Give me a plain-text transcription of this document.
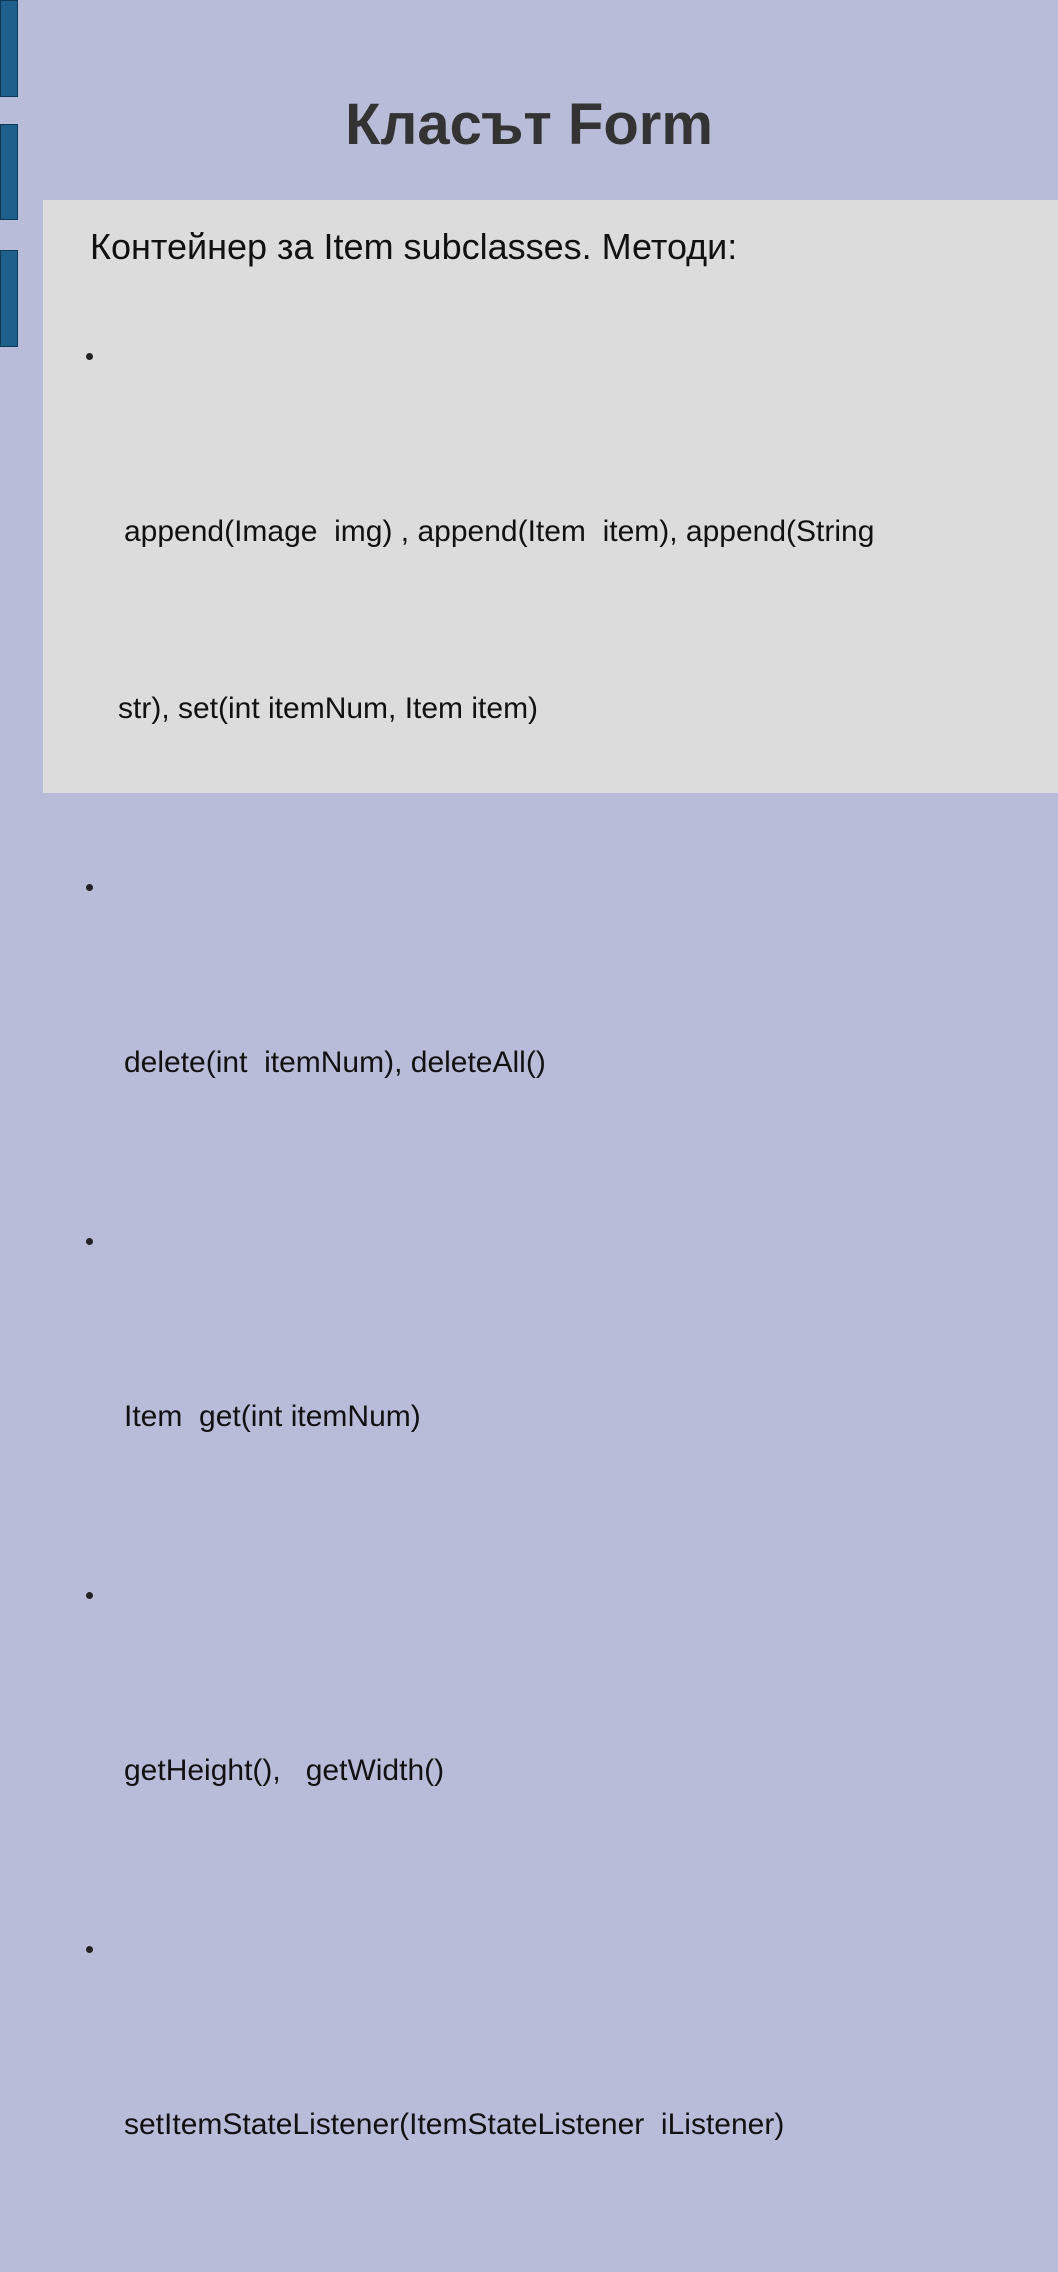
Класът Form

Контейнер за Item subclasses. Методи:

append(Image  img) , append(Item  item), append(String

str), set(int itemNum, Item item)

delete(int  itemNum), deleteAll()

Item  get(int itemNum)

getHeight(),   getWidth()

setItemStateListener(ItemStateListener  iListener)
